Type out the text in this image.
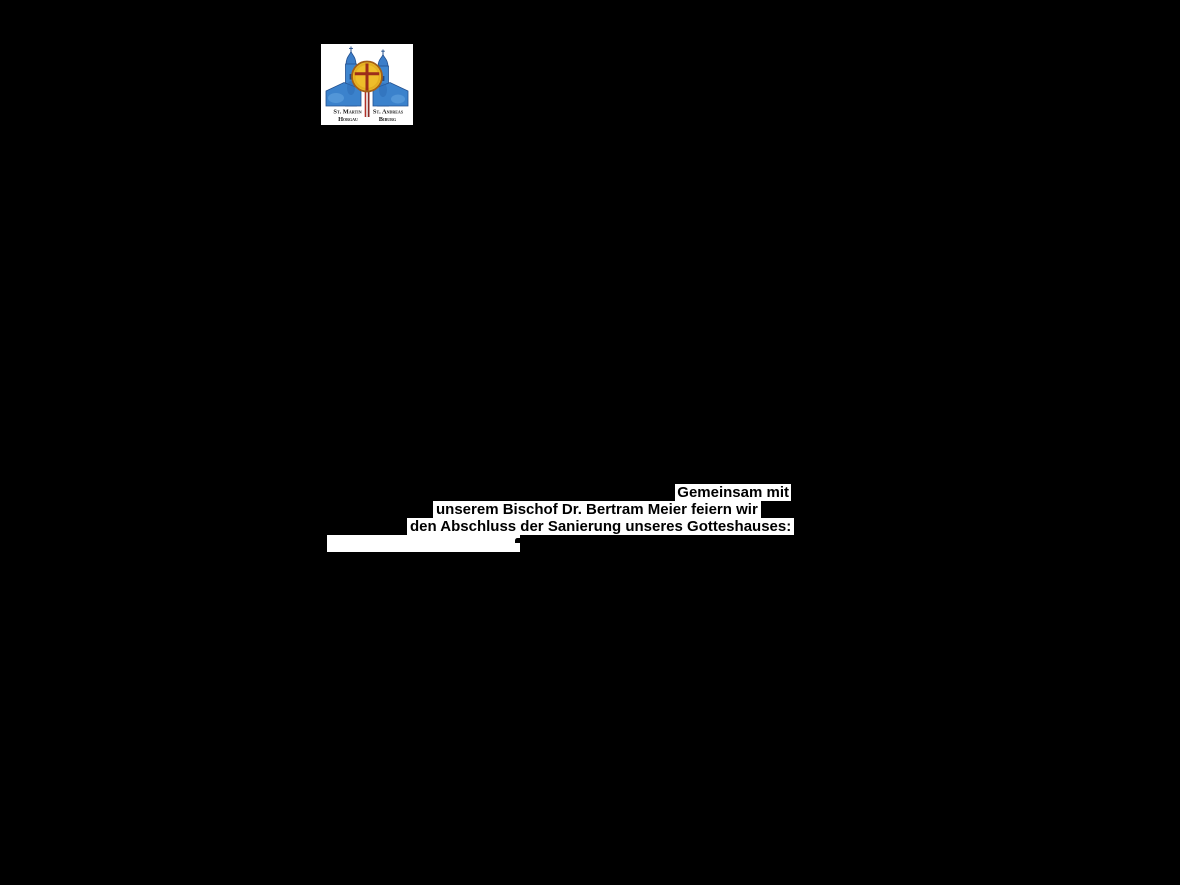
St. Martin St. Andreas
Horgau	Biburg
Gemeinsam mit
unserem Bischof Dr. Bertram Meier feiern wir
den Abschluss der Sanierung unseres Gotteshauses:

Gottesdienst am Sonntag,
